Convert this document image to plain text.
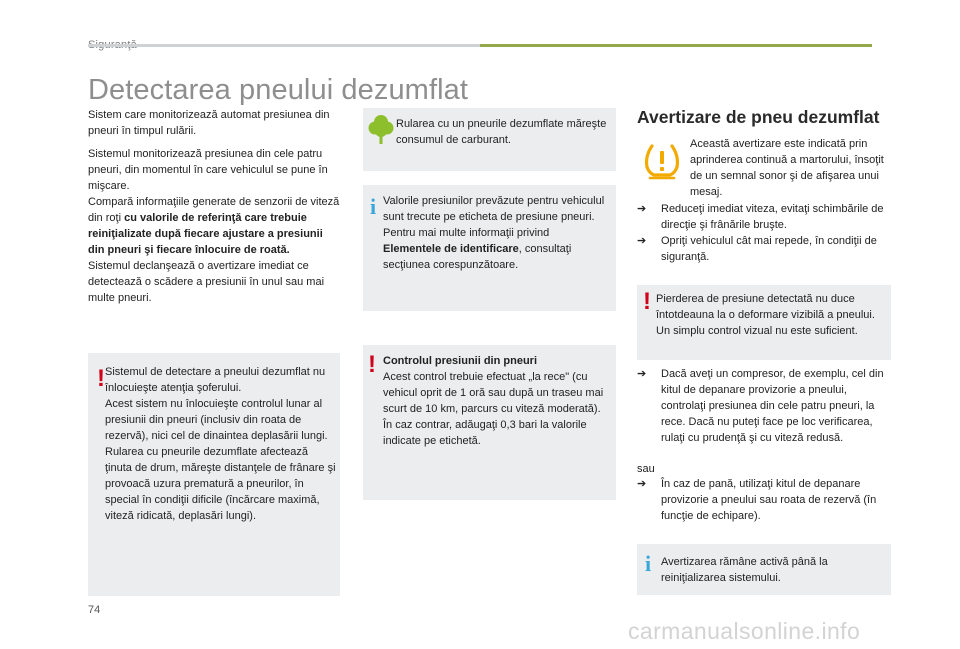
Detectarea pneului dezumflat
Sistem care monitorizează automat presiunea din pneuri în timpul rulării.
Sistemul monitorizează presiunea din cele patru pneuri, din momentul în care vehiculul se pune în mişcare.
Compară informaţiile generate de senzorii de viteză din roţi cu valorile de referinţă care trebuie reiniţializate după fiecare ajustare a presiunii din pneuri şi fiecare înlocuire de roată.
Sistemul declanşează o avertizare imediat ce detectează o scădere a presiunii în unul sau mai multe pneuri.
! Sistemul de detectare a pneului dezumflat nu înlocuieşte atenţia şoferului.
Acest sistem nu înlocuieşte controlul lunar al presiunii din pneuri (inclusiv din roata de rezervă), nici cel de dinaintea deplasării lungi.
Rularea cu pneurile dezumflate afectează ţinuta de drum, măreşte distanţele de frânare şi provoacă uzura prematură a pneurilor, în special în condiţii dificile (încărcare maximă, viteză ridicată, deplasări lungi).
Rularea cu un pneurile dezumflate măreşte consumul de carburant.
i Valorile presiunilor prevăzute pentru vehiculul sunt trecute pe eticheta de presiune pneuri.
Pentru mai multe informaţii privind Elementele de identificare, consultaţi secţiunea corespunzătoare.
! Controlul presiunii din pneuri
Acest control trebuie efectuat „la rece" (cu vehicul oprit de 1 oră sau după un traseu mai scurt de 10 km, parcurs cu viteză moderată).
În caz contrar, adăugaţi 0,3 bari la valorile indicate pe etichetă.
Avertizare de pneu dezumflat
Această avertizare este indicată prin aprinderea continuă a martorului, însoţit de un semnal sonor şi de afişarea unui mesaj.
➔ Reduceţi imediat viteza, evitaţi schimbările de direcţie şi frânările bruşte.
➔ Opriţi vehiculul cât mai repede, în condiţii de siguranţă.
! Pierderea de presiune detectată nu duce întotdeauna la o deformare vizibilă a pneului. Un simplu control vizual nu este suficient.
➔ Dacă aveţi un compresor, de exemplu, cel din kitul de depanare provizorie a pneului, controlaţi presiunea din cele patru pneuri, la rece. Dacă nu puteţi face pe loc verificarea, rulaţi cu prudenţă şi cu viteză redusă.
sau
➔ În caz de pană, utilizaţi kitul de depanare provizorie a pneului sau roata de rezervă (în funcţie de echipare).
i Avertizarea rămâne activă până la reiniţializarea sistemului.
74
carmanualsonline.info
